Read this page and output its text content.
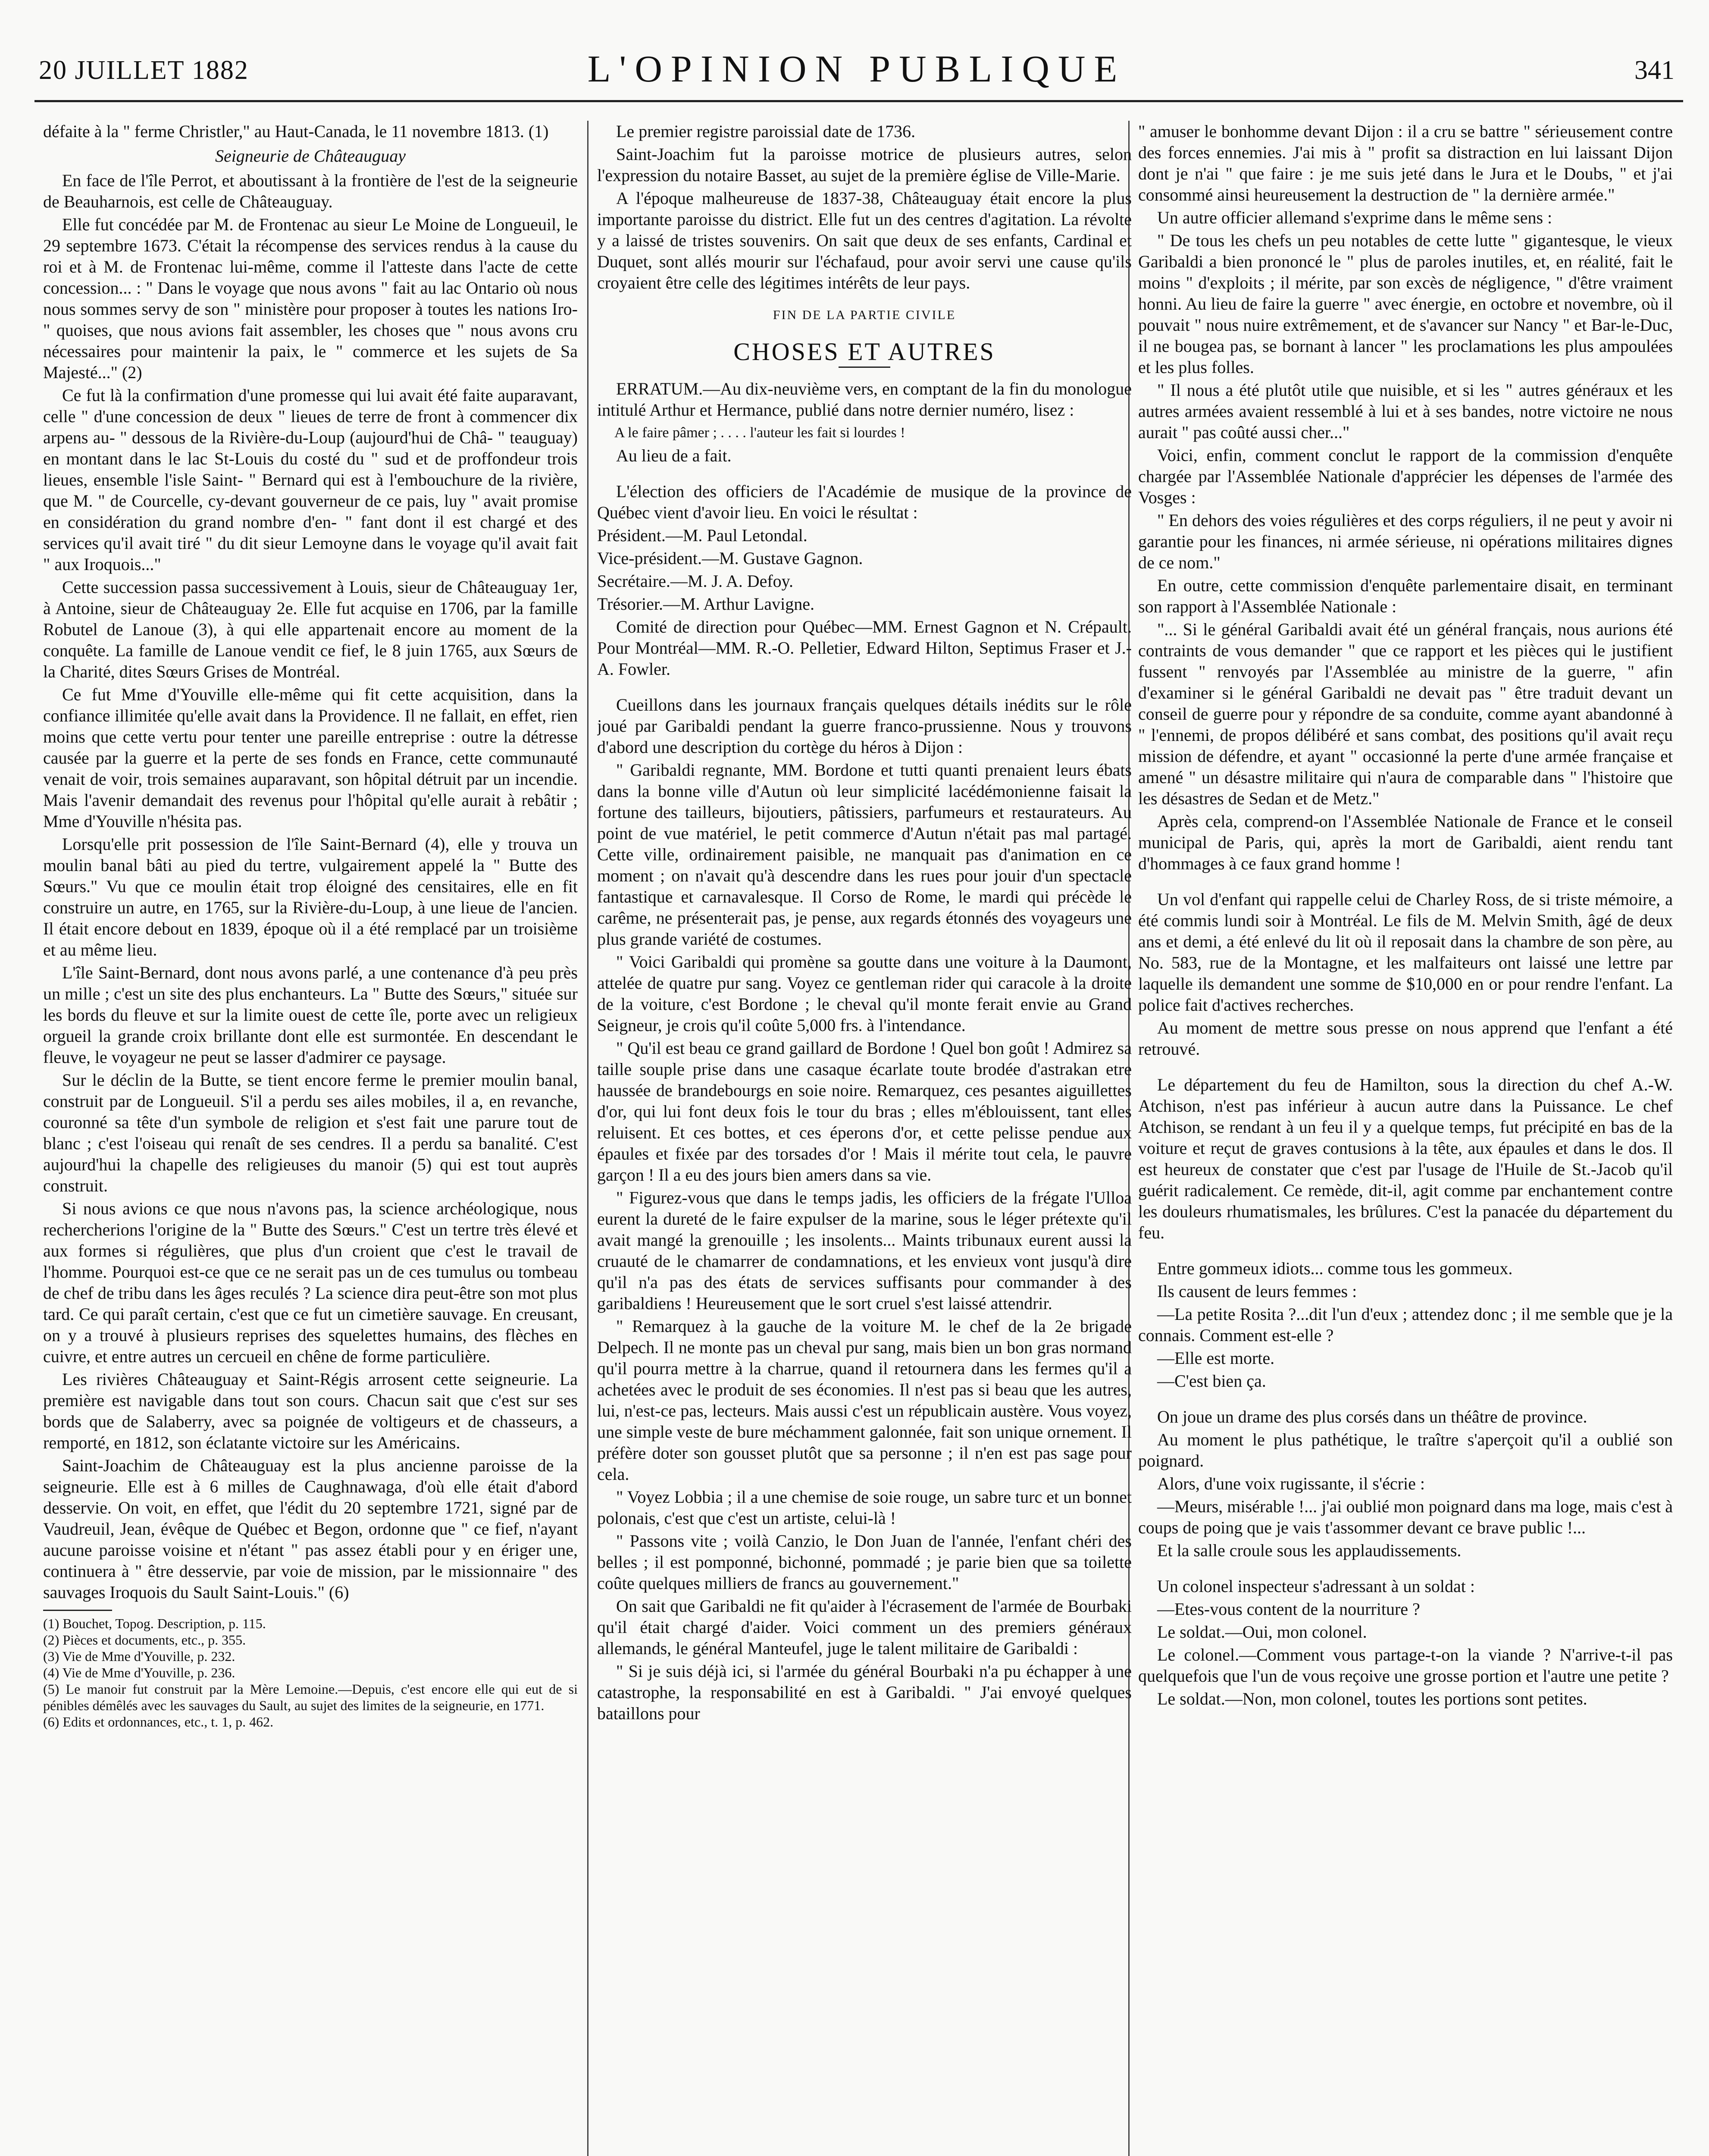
20 JUILLET 1882	L'OPINION PUBLIQUE	341

défaite à la " ferme Christler," au Haut-Canada, le 11 novembre 1813. (1)

Seigneurie de Châteauguay

En face de l'île Perrot, et aboutissant à la frontière de l'est de la seigneurie de Beauharnois, est celle de Châteauguay.

Elle fut concédée par M. de Frontenac au sieur Le Moine de Longueuil, le 29 septembre 1673. C'était la récompense des services rendus à la cause du roi et à M. de Frontenac lui-même, comme il l'atteste dans l'acte de cette concession... : " Dans le voyage que nous avons " fait au lac Ontario où nous nous sommes servy de son " ministère pour proposer à toutes les nations Iro- " quoises, que nous avions fait assembler, les choses que " nous avons cru nécessaires pour maintenir la paix, le " commerce et les sujets de Sa Majesté..." (2)

Ce fut là la confirmation d'une promesse qui lui avait été faite auparavant, celle " d'une concession de deux " lieues de terre de front à commencer dix arpens au- " dessous de la Rivière-du-Loup (aujourd'hui de Châ- " teauguay) en montant dans le lac St-Louis du costé du " sud et de proffondeur trois lieues, ensemble l'isle Saint- " Bernard qui est à l'embouchure de la rivière, que M. " de Courcelle, cy-devant gouverneur de ce pais, luy " avait promise en considération du grand nombre d'en- " fant dont il est chargé et des services qu'il avait tiré " du dit sieur Lemoyne dans le voyage qu'il avait fait " aux Iroquois..."

Cette succession passa successivement à Louis, sieur de Châteauguay 1er, à Antoine, sieur de Châteauguay 2e. Elle fut acquise en 1706, par la famille Robutel de Lanoue (3), à qui elle appartenait encore au moment de la conquête. La famille de Lanoue vendit ce fief, le 8 juin 1765, aux Sœurs de la Charité, dites Sœurs Grises de Montréal.

Ce fut Mme d'Youville elle-même qui fit cette acquisition, dans la confiance illimitée qu'elle avait dans la Providence. Il ne fallait, en effet, rien moins que cette vertu pour tenter une pareille entreprise : outre la détresse causée par la guerre et la perte de ses fonds en France, cette communauté venait de voir, trois semaines auparavant, son hôpital détruit par un incendie. Mais l'avenir demandait des revenus pour l'hôpital qu'elle aurait à rebâtir ; Mme d'Youville n'hésita pas.

Lorsqu'elle prit possession de l'île Saint-Bernard (4), elle y trouva un moulin banal bâti au pied du tertre, vulgairement appelé la " Butte des Sœurs." Vu que ce moulin était trop éloigné des censitaires, elle en fit construire un autre, en 1765, sur la Rivière-du-Loup, à une lieue de l'ancien. Il était encore debout en 1839, époque où il a été remplacé par un troisième et au même lieu.

L'île Saint-Bernard, dont nous avons parlé, a une contenance d'à peu près un mille ; c'est un site des plus enchanteurs. La " Butte des Sœurs," située sur les bords du fleuve et sur la limite ouest de cette île, porte avec un religieux orgueil la grande croix brillante dont elle est surmontée. En descendant le fleuve, le voyageur ne peut se lasser d'admirer ce paysage.

Sur le déclin de la Butte, se tient encore ferme le premier moulin banal, construit par de Longueuil. S'il a perdu ses ailes mobiles, il a, en revanche, couronné sa tête d'un symbole de religion et s'est fait une parure tout de blanc ; c'est l'oiseau qui renaît de ses cendres. Il a perdu sa banalité. C'est aujourd'hui la chapelle des religieuses du manoir (5) qui est tout auprès construit.

Si nous avions ce que nous n'avons pas, la science archéologique, nous rechercherions l'origine de la " Butte des Sœurs." C'est un tertre très élevé et aux formes si régulières, que plus d'un croient que c'est le travail de l'homme. Pourquoi est-ce que ce ne serait pas un de ces tumulus ou tombeau de chef de tribu dans les âges reculés ? La science dira peut-être son mot plus tard. Ce qui paraît certain, c'est que ce fut un cimetière sauvage. En creusant, on y a trouvé à plusieurs reprises des squelettes humains, des flèches en cuivre, et entre autres un cercueil en chêne de forme particulière.

Les rivières Châteauguay et Saint-Régis arrosent cette seigneurie. La première est navigable dans tout son cours. Chacun sait que c'est sur ses bords que de Salaberry, avec sa poignée de voltigeurs et de chasseurs, a remporté, en 1812, son éclatante victoire sur les Américains.

Saint-Joachim de Châteauguay est la plus ancienne paroisse de la seigneurie. Elle est à 6 milles de Caughnawaga, d'où elle était d'abord desservie. On voit, en effet, que l'édit du 20 septembre 1721, signé par de Vaudreuil, Jean, évêque de Québec et Begon, ordonne que " ce fief, n'ayant aucune paroisse voisine et n'étant " pas assez établi pour y en ériger une, continuera à " être desservie, par voie de mission, par le missionnaire " des sauvages Iroquois du Sault Saint-Louis." (6)

(1) Bouchet, Topog. Description, p. 115.

(2) Pièces et documents, etc., p. 355.

(3) Vie de Mme d'Youville, p. 232.

(4) Vie de Mme d'Youville, p. 236.

(5) Le manoir fut construit par la Mère Lemoine.—Depuis, c'est encore elle qui eut de si pénibles démêlés avec les sauvages du Sault, au sujet des limites de la seigneurie, en 1771.

(6) Edits et ordonnances, etc., t. 1, p. 462.

Le premier registre paroissial date de 1736.

Saint-Joachim fut la paroisse motrice de plusieurs autres, selon l'expression du notaire Basset, au sujet de la première église de Ville-Marie.

A l'époque malheureuse de 1837-38, Châteauguay était encore la plus importante paroisse du district. Elle fut un des centres d'agitation. La révolte y a laissé de tristes souvenirs. On sait que deux de ses enfants, Cardinal et Duquet, sont allés mourir sur l'échafaud, pour avoir servi une cause qu'ils croyaient être celle des légitimes intérêts de leur pays.

FIN DE LA PARTIE CIVILE

CHOSES ET AUTRES

ERRATUM.—Au dix-neuvième vers, en comptant de la fin du monologue intitulé Arthur et Hermance, publié dans notre dernier numéro, lisez :

A le faire pâmer ; . . . . l'auteur les fait si lourdes !

Au lieu de a fait.

L'élection des officiers de l'Académie de musique de la province de Québec vient d'avoir lieu. En voici le résultat :

Président.—M. Paul Letondal.

Vice-président.—M. Gustave Gagnon.

Secrétaire.—M. J. A. Defoy.

Trésorier.—M. Arthur Lavigne.

Comité de direction pour Québec—MM. Ernest Gagnon et N. Crépault. Pour Montréal—MM. R.-O. Pelletier, Edward Hilton, Septimus Fraser et J.-A. Fowler.

Cueillons dans les journaux français quelques détails inédits sur le rôle joué par Garibaldi pendant la guerre franco-prussienne. Nous y trouvons d'abord une description du cortège du héros à Dijon :

" Garibaldi regnante, MM. Bordone et tutti quanti prenaient leurs ébats dans la bonne ville d'Autun où leur simplicité lacédémonienne faisait la fortune des tailleurs, bijoutiers, pâtissiers, parfumeurs et restaurateurs. Au point de vue matériel, le petit commerce d'Autun n'était pas mal partagé. Cette ville, ordinairement paisible, ne manquait pas d'animation en ce moment ; on n'avait qu'à descendre dans les rues pour jouir d'un spectacle fantastique et carnavalesque. Il Corso de Rome, le mardi qui précède le carême, ne présenterait pas, je pense, aux regards étonnés des voyageurs une plus grande variété de costumes.

" Voici Garibaldi qui promène sa goutte dans une voiture à la Daumont, attelée de quatre pur sang. Voyez ce gentleman rider qui caracole à la droite de la voiture, c'est Bordone ; le cheval qu'il monte ferait envie au Grand Seigneur, je crois qu'il coûte 5,000 frs. à l'intendance.

" Qu'il est beau ce grand gaillard de Bordone ! Quel bon goût ! Admirez sa taille souple prise dans une casaque écarlate toute brodée d'astrakan etre haussée de brandebourgs en soie noire. Remarquez, ces pesantes aiguillettes d'or, qui lui font deux fois le tour du bras ; elles m'éblouissent, tant elles reluisent. Et ces bottes, et ces éperons d'or, et cette pelisse pendue aux épaules et fixée par des torsades d'or ! Mais il mérite tout cela, le pauvre garçon ! Il a eu des jours bien amers dans sa vie.

" Figurez-vous que dans le temps jadis, les officiers de la frégate l'Ulloa eurent la dureté de le faire expulser de la marine, sous le léger prétexte qu'il avait mangé la grenouille ; les insolents... Maints tribunaux eurent aussi la cruauté de le chamarrer de condamnations, et les envieux vont jusqu'à dire qu'il n'a pas des états de services suffisants pour commander à des garibaldiens ! Heureusement que le sort cruel s'est laissé attendrir.

" Remarquez à la gauche de la voiture M. le chef de la 2e brigade Delpech. Il ne monte pas un cheval pur sang, mais bien un bon gras normand qu'il pourra mettre à la charrue, quand il retournera dans les fermes qu'il a achetées avec le produit de ses économies. Il n'est pas si beau que les autres, lui, n'est-ce pas, lecteurs. Mais aussi c'est un républicain austère. Vous voyez, une simple veste de bure méchamment galonnée, fait son unique ornement. Il préfère doter son gousset plutôt que sa personne ; il n'en est pas sage pour cela.

" Voyez Lobbia ; il a une chemise de soie rouge, un sabre turc et un bonnet polonais, c'est que c'est un artiste, celui-là !

" Passons vite ; voilà Canzio, le Don Juan de l'année, l'enfant chéri des belles ; il est pomponné, bichonné, pommadé ; je parie bien que sa toilette coûte quelques milliers de francs au gouvernement."

On sait que Garibaldi ne fit qu'aider à l'écrasement de l'armée de Bourbaki qu'il était chargé d'aider. Voici comment un des premiers généraux allemands, le général Manteufel, juge le talent militaire de Garibaldi :

" Si je suis déjà ici, si l'armée du général Bourbaki n'a pu échapper à une catastrophe, la responsabilité en est à Garibaldi. " J'ai envoyé quelques bataillons pour

" amuser le bonhomme devant Dijon : il a cru se battre " sérieusement contre des forces ennemies. J'ai mis à " profit sa distraction en lui laissant Dijon dont je n'ai " que faire : je me suis jeté dans le Jura et le Doubs, " et j'ai consommé ainsi heureusement la destruction de " la dernière armée."

Un autre officier allemand s'exprime dans le même sens :

" De tous les chefs un peu notables de cette lutte " gigantesque, le vieux Garibaldi a bien prononcé le " plus de paroles inutiles, et, en réalité, fait le moins " d'exploits ; il mérite, par son excès de négligence, " d'être vraiment honni. Au lieu de faire la guerre " avec énergie, en octobre et novembre, où il pouvait " nous nuire extrêmement, et de s'avancer sur Nancy " et Bar-le-Duc, il ne bougea pas, se bornant à lancer " les proclamations les plus ampoulées et les plus folles.

" Il nous a été plutôt utile que nuisible, et si les " autres généraux et les autres armées avaient ressemblé à lui et à ses bandes, notre victoire ne nous aurait " pas coûté aussi cher..."

Voici, enfin, comment conclut le rapport de la commission d'enquête chargée par l'Assemblée Nationale d'apprécier les dépenses de l'armée des Vosges :

" En dehors des voies régulières et des corps réguliers, il ne peut y avoir ni garantie pour les finances, ni armée sérieuse, ni opérations militaires dignes de ce nom."

En outre, cette commission d'enquête parlementaire disait, en terminant son rapport à l'Assemblée Nationale :

"... Si le général Garibaldi avait été un général français, nous aurions été contraints de vous demander " que ce rapport et les pièces qui le justifient fussent " renvoyés par l'Assemblée au ministre de la guerre, " afin d'examiner si le général Garibaldi ne devait pas " être traduit devant un conseil de guerre pour y répondre de sa conduite, comme ayant abandonné à " l'ennemi, de propos délibéré et sans combat, des positions qu'il avait reçu mission de défendre, et ayant " occasionné la perte d'une armée française et amené " un désastre militaire qui n'aura de comparable dans " l'histoire que les désastres de Sedan et de Metz."

Après cela, comprend-on l'Assemblée Nationale de France et le conseil municipal de Paris, qui, après la mort de Garibaldi, aient rendu tant d'hommages à ce faux grand homme !

Un vol d'enfant qui rappelle celui de Charley Ross, de si triste mémoire, a été commis lundi soir à Montréal. Le fils de M. Melvin Smith, âgé de deux ans et demi, a été enlevé du lit où il reposait dans la chambre de son père, au No. 583, rue de la Montagne, et les malfaiteurs ont laissé une lettre par laquelle ils demandent une somme de $10,000 en or pour rendre l'enfant. La police fait d'actives recherches.

Au moment de mettre sous presse on nous apprend que l'enfant a été retrouvé.

Le département du feu de Hamilton, sous la direction du chef A.-W. Atchison, n'est pas inférieur à aucun autre dans la Puissance. Le chef Atchison, se rendant à un feu il y a quelque temps, fut précipité en bas de la voiture et reçut de graves contusions à la tête, aux épaules et dans le dos. Il est heureux de constater que c'est par l'usage de l'Huile de St.-Jacob qu'il guérit radicalement. Ce remède, dit-il, agit comme par enchantement contre les douleurs rhumatismales, les brûlures. C'est la panacée du département du feu.

Entre gommeux idiots... comme tous les gommeux.

Ils causent de leurs femmes :

—La petite Rosita ?...dit l'un d'eux ; attendez donc ; il me semble que je la connais. Comment est-elle ?

—Elle est morte.

—C'est bien ça.

On joue un drame des plus corsés dans un théâtre de province.

Au moment le plus pathétique, le traître s'aperçoit qu'il a oublié son poignard.

Alors, d'une voix rugissante, il s'écrie :

—Meurs, misérable !... j'ai oublié mon poignard dans ma loge, mais c'est à coups de poing que je vais t'assommer devant ce brave public !...

Et la salle croule sous les applaudissements.

Un colonel inspecteur s'adressant à un soldat :

—Etes-vous content de la nourriture ?

Le soldat.—Oui, mon colonel.

Le colonel.—Comment vous partage-t-on la viande ? N'arrive-t-il pas quelquefois que l'un de vous reçoive une grosse portion et l'autre une petite ?

Le soldat.—Non, mon colonel, toutes les portions sont petites.
